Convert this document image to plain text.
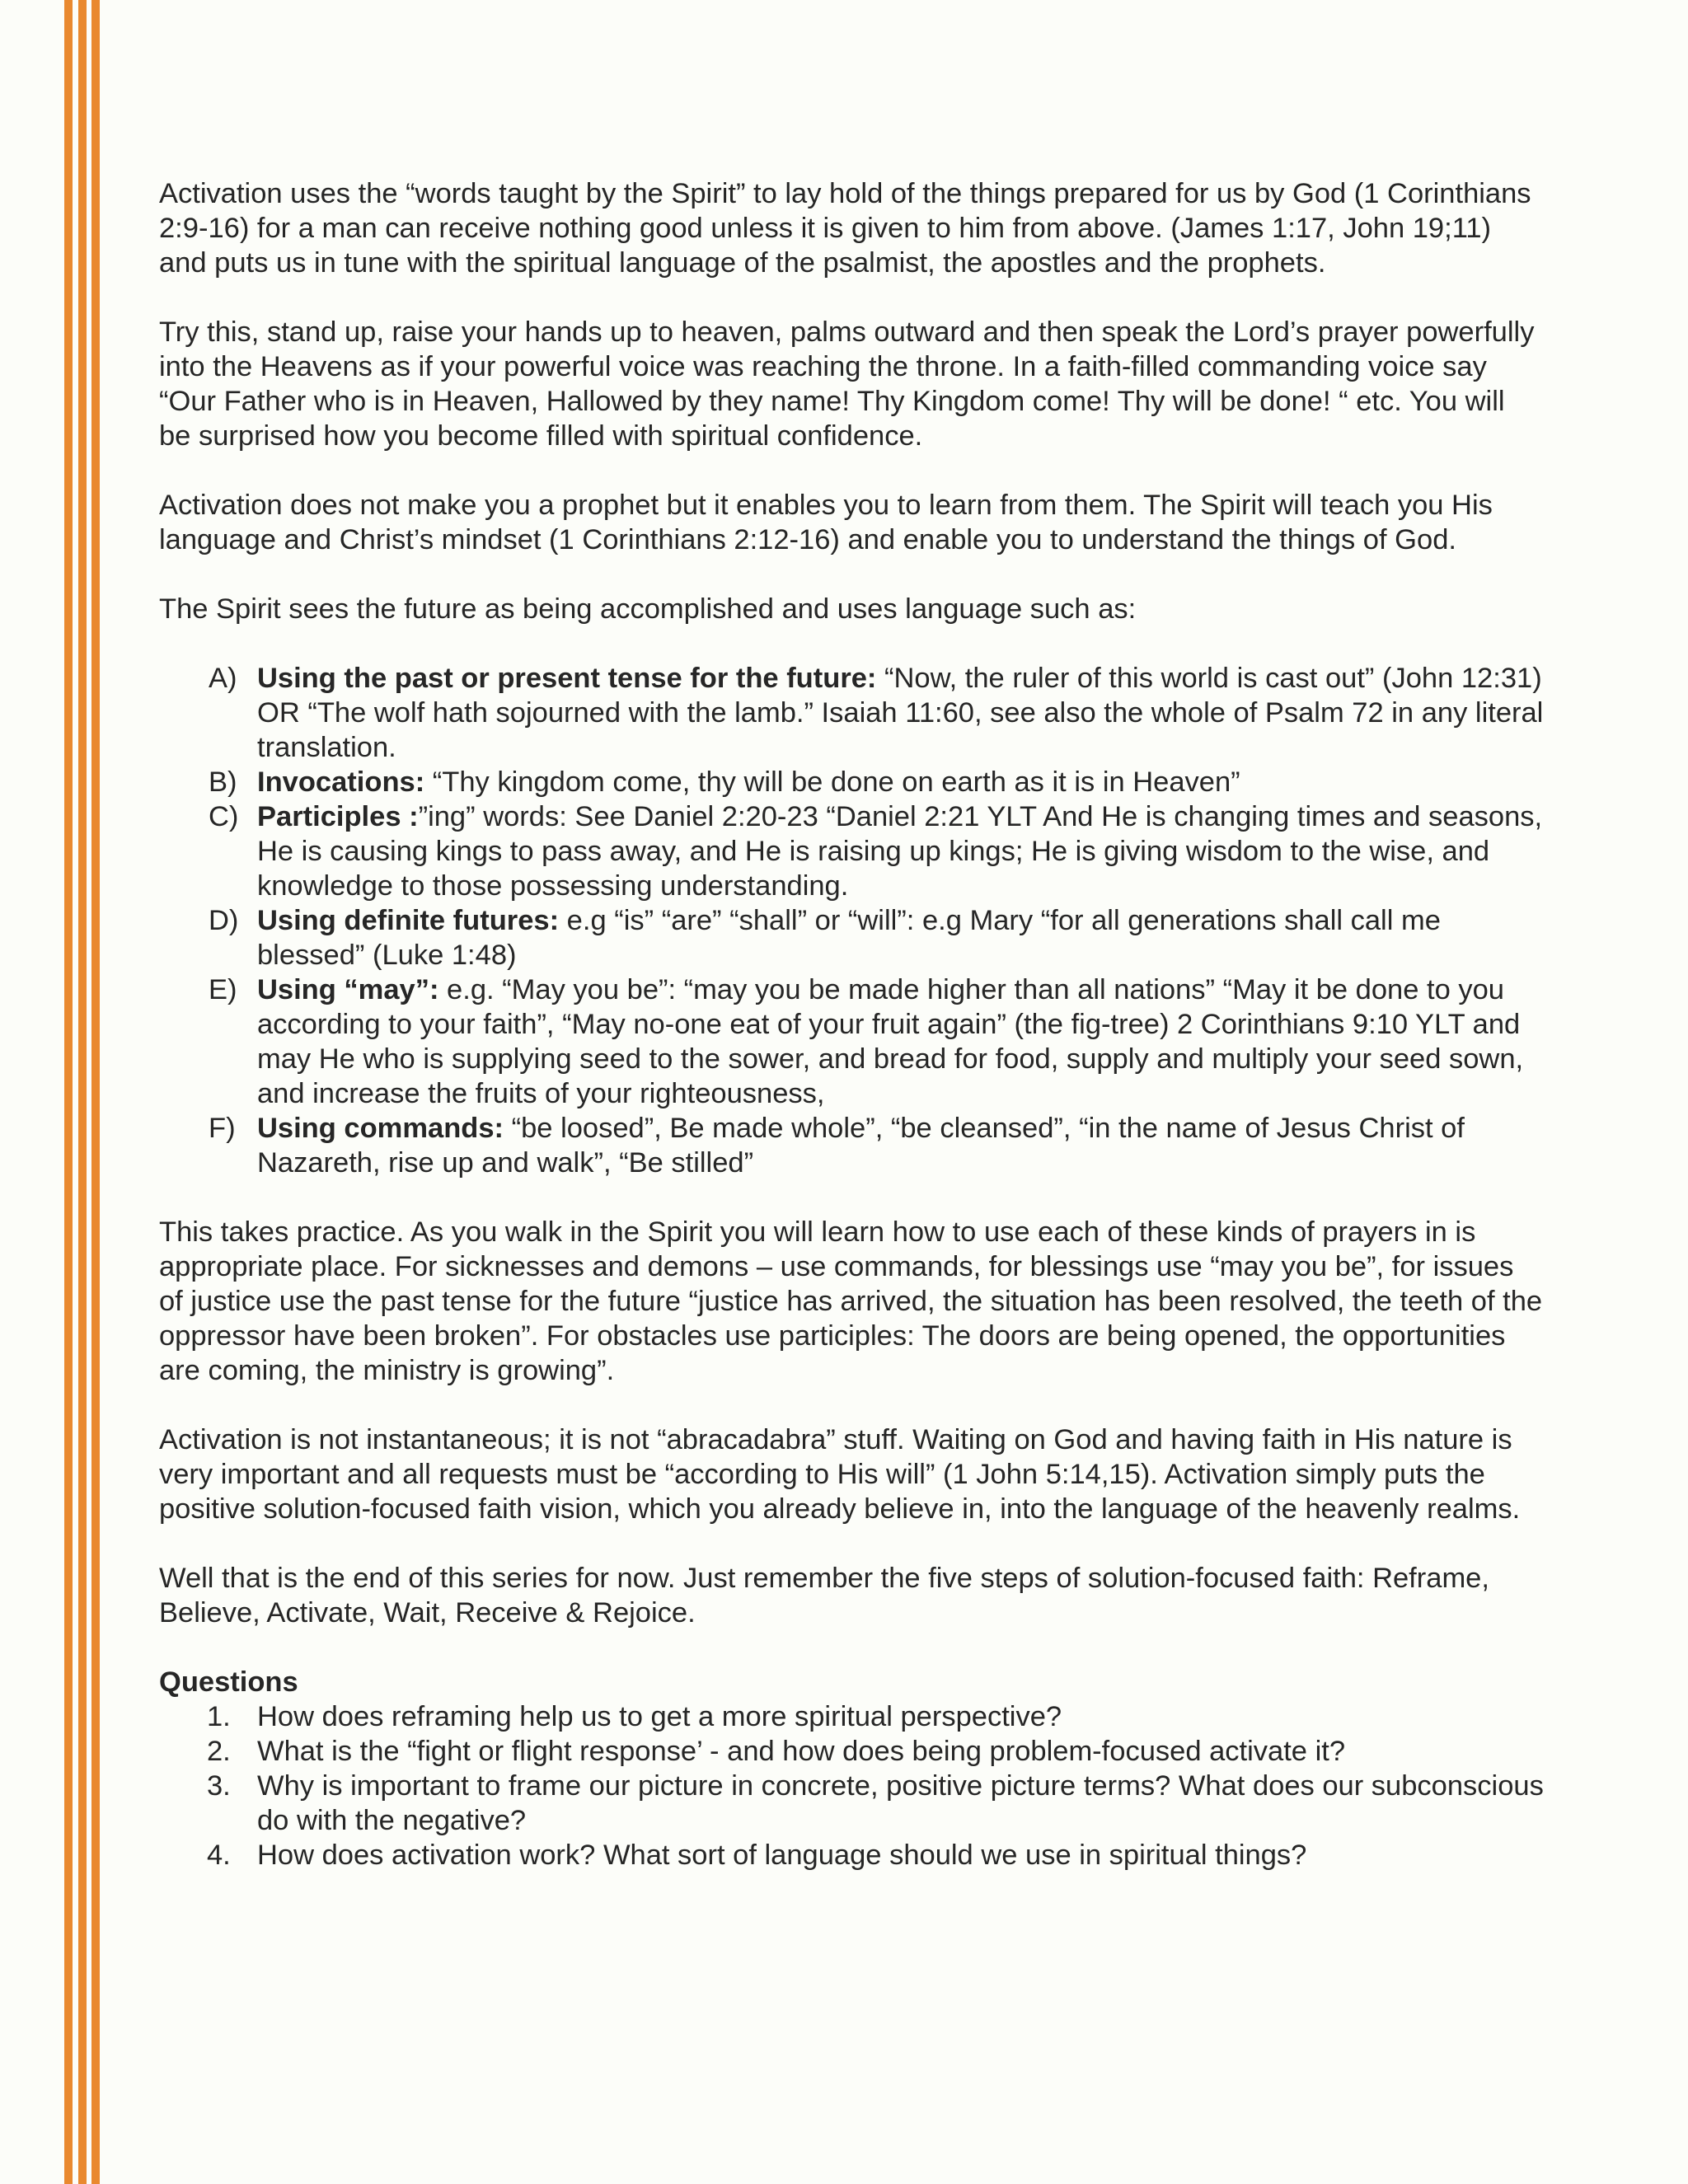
Activation uses the “words taught by the Spirit” to lay hold of the things prepared for us by God (1 Corinthians 2:9-16) for a man can receive nothing good unless it is given to him from above. (James 1:17, John 19;11) and puts us in tune with the spiritual language of the psalmist, the apostles and the prophets.

Try this, stand up, raise your hands up to heaven, palms outward and then speak the Lord’s prayer powerfully into the Heavens as if your powerful voice was reaching the throne. In a faith-filled commanding voice say “Our Father who is in Heaven, Hallowed by they name! Thy Kingdom come! Thy will be done! “ etc. You will be surprised how you become filled with spiritual confidence.

Activation does not make you a prophet but it enables you to learn from them. The Spirit will teach you His language and Christ’s mindset (1 Corinthians 2:12-16) and enable you to understand the things of God.

The Spirit sees the future as being accomplished and uses language such as:

A) Using the past or present tense for the future: “Now, the ruler of this world is cast out” (John 12:31) OR “The wolf hath sojourned with the lamb.” Isaiah 11:60, see also the whole of Psalm 72 in any literal translation.
B) Invocations: “Thy kingdom come, thy will be done on earth as it is in Heaven”
C) Participles :”ing” words: See Daniel 2:20-23 “Daniel 2:21 YLT And He is changing times and seasons, He is causing kings to pass away, and He is raising up kings; He is giving wisdom to the wise, and knowledge to those possessing understanding.
D) Using definite futures: e.g “is” “are” “shall” or “will”: e.g Mary “for all generations shall call me blessed” (Luke 1:48)
E) Using “may”: e.g. “May you be”: “may you be made higher than all nations” “May it be done to you according to your faith”, “May no-one eat of your fruit again” (the fig-tree) 2 Corinthians 9:10 YLT and may He who is supplying seed to the sower, and bread for food, supply and multiply your seed sown, and increase the fruits of your righteousness,
F) Using commands: “be loosed”, Be made whole”, “be cleansed”, “in the name of Jesus Christ of Nazareth, rise up and walk”, “Be stilled”

This takes practice. As you walk in the Spirit you will learn how to use each of these kinds of prayers in is appropriate place. For sicknesses and demons – use commands, for blessings use “may you be”, for issues of justice use the past tense for the future “justice has arrived, the situation has been resolved, the teeth of the oppressor have been broken”. For obstacles use participles: The doors are being opened, the opportunities are coming, the ministry is growing”.

Activation is not instantaneous; it is not “abracadabra” stuff. Waiting on God and having faith in His nature is very important and all requests must be “according to His will” (1 John 5:14,15). Activation simply puts the positive solution-focused faith vision, which you already believe in, into the language of the heavenly realms.

Well that is the end of this series for now. Just remember the five steps of solution-focused faith: Reframe, Believe, Activate, Wait, Receive & Rejoice.

Questions
1. How does reframing help us to get a more spiritual perspective?
2. What is the “fight or flight response’ - and how does being problem-focused activate it?
3. Why is important to frame our picture in concrete, positive picture terms? What does our subconscious do with the negative?
4. How does activation work? What sort of language should we use in spiritual things?
